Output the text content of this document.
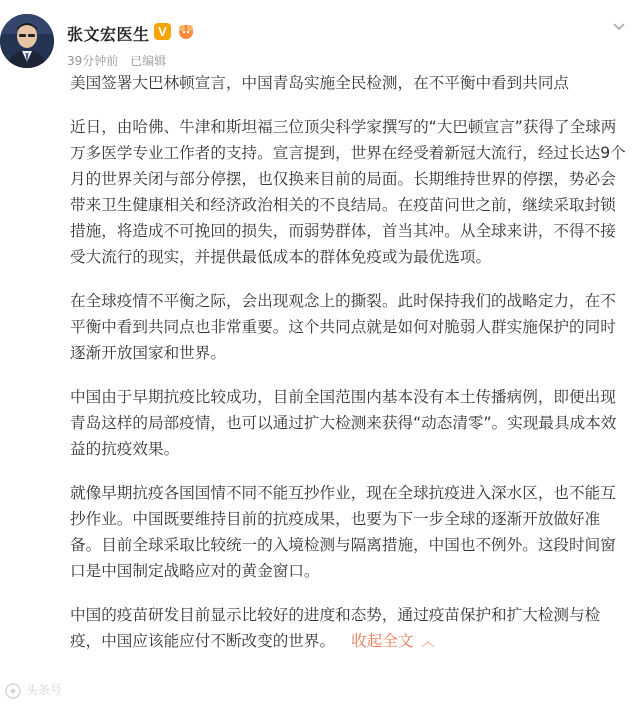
张文宏医生 V
39分钟前 已编辑

美国签署大巴林顿宣言，中国青岛实施全民检测，在不平衡中看到共同点

近日，由哈佛、牛津和斯坦福三位顶尖科学家撰写的“大巴顿宣言”获得了全球两万多医学专业工作者的支持。宣言提到，世界在经受着新冠大流行，经过长达9个月的世界关闭与部分停摆，也仅换来目前的局面。长期维持世界的停摆，势必会带来卫生健康相关和经济政治相关的不良结局。在疫苗问世之前，继续采取封锁措施，将造成不可挽回的损失，而弱势群体，首当其冲。从全球来讲，不得不接受大流行的现实，并提供最低成本的群体免疫或为最优选项。

在全球疫情不平衡之际，会出现观念上的撕裂。此时保持我们的战略定力，在不平衡中看到共同点也非常重要。这个共同点就是如何对脆弱人群实施保护的同时逐渐开放国家和世界。

中国由于早期抗疫比较成功，目前全国范围内基本没有本土传播病例，即便出现青岛这样的局部疫情，也可以通过扩大检测来获得“动态清零”。实现最具成本效益的抗疫效果。

就像早期抗疫各国国情不同不能互抄作业，现在全球抗疫进入深水区，也不能互抄作业。中国既要维持目前的抗疫成果，也要为下一步全球的逐渐开放做好准备。目前全球采取比较统一的入境检测与隔离措施，中国也不例外。这段时间窗口是中国制定战略应对的黄金窗口。

中国的疫苗研发目前显示比较好的进度和态势，通过疫苗保护和扩大检测与检疫，中国应该能应付不断改变的世界。 收起全文 ︿

头条号
